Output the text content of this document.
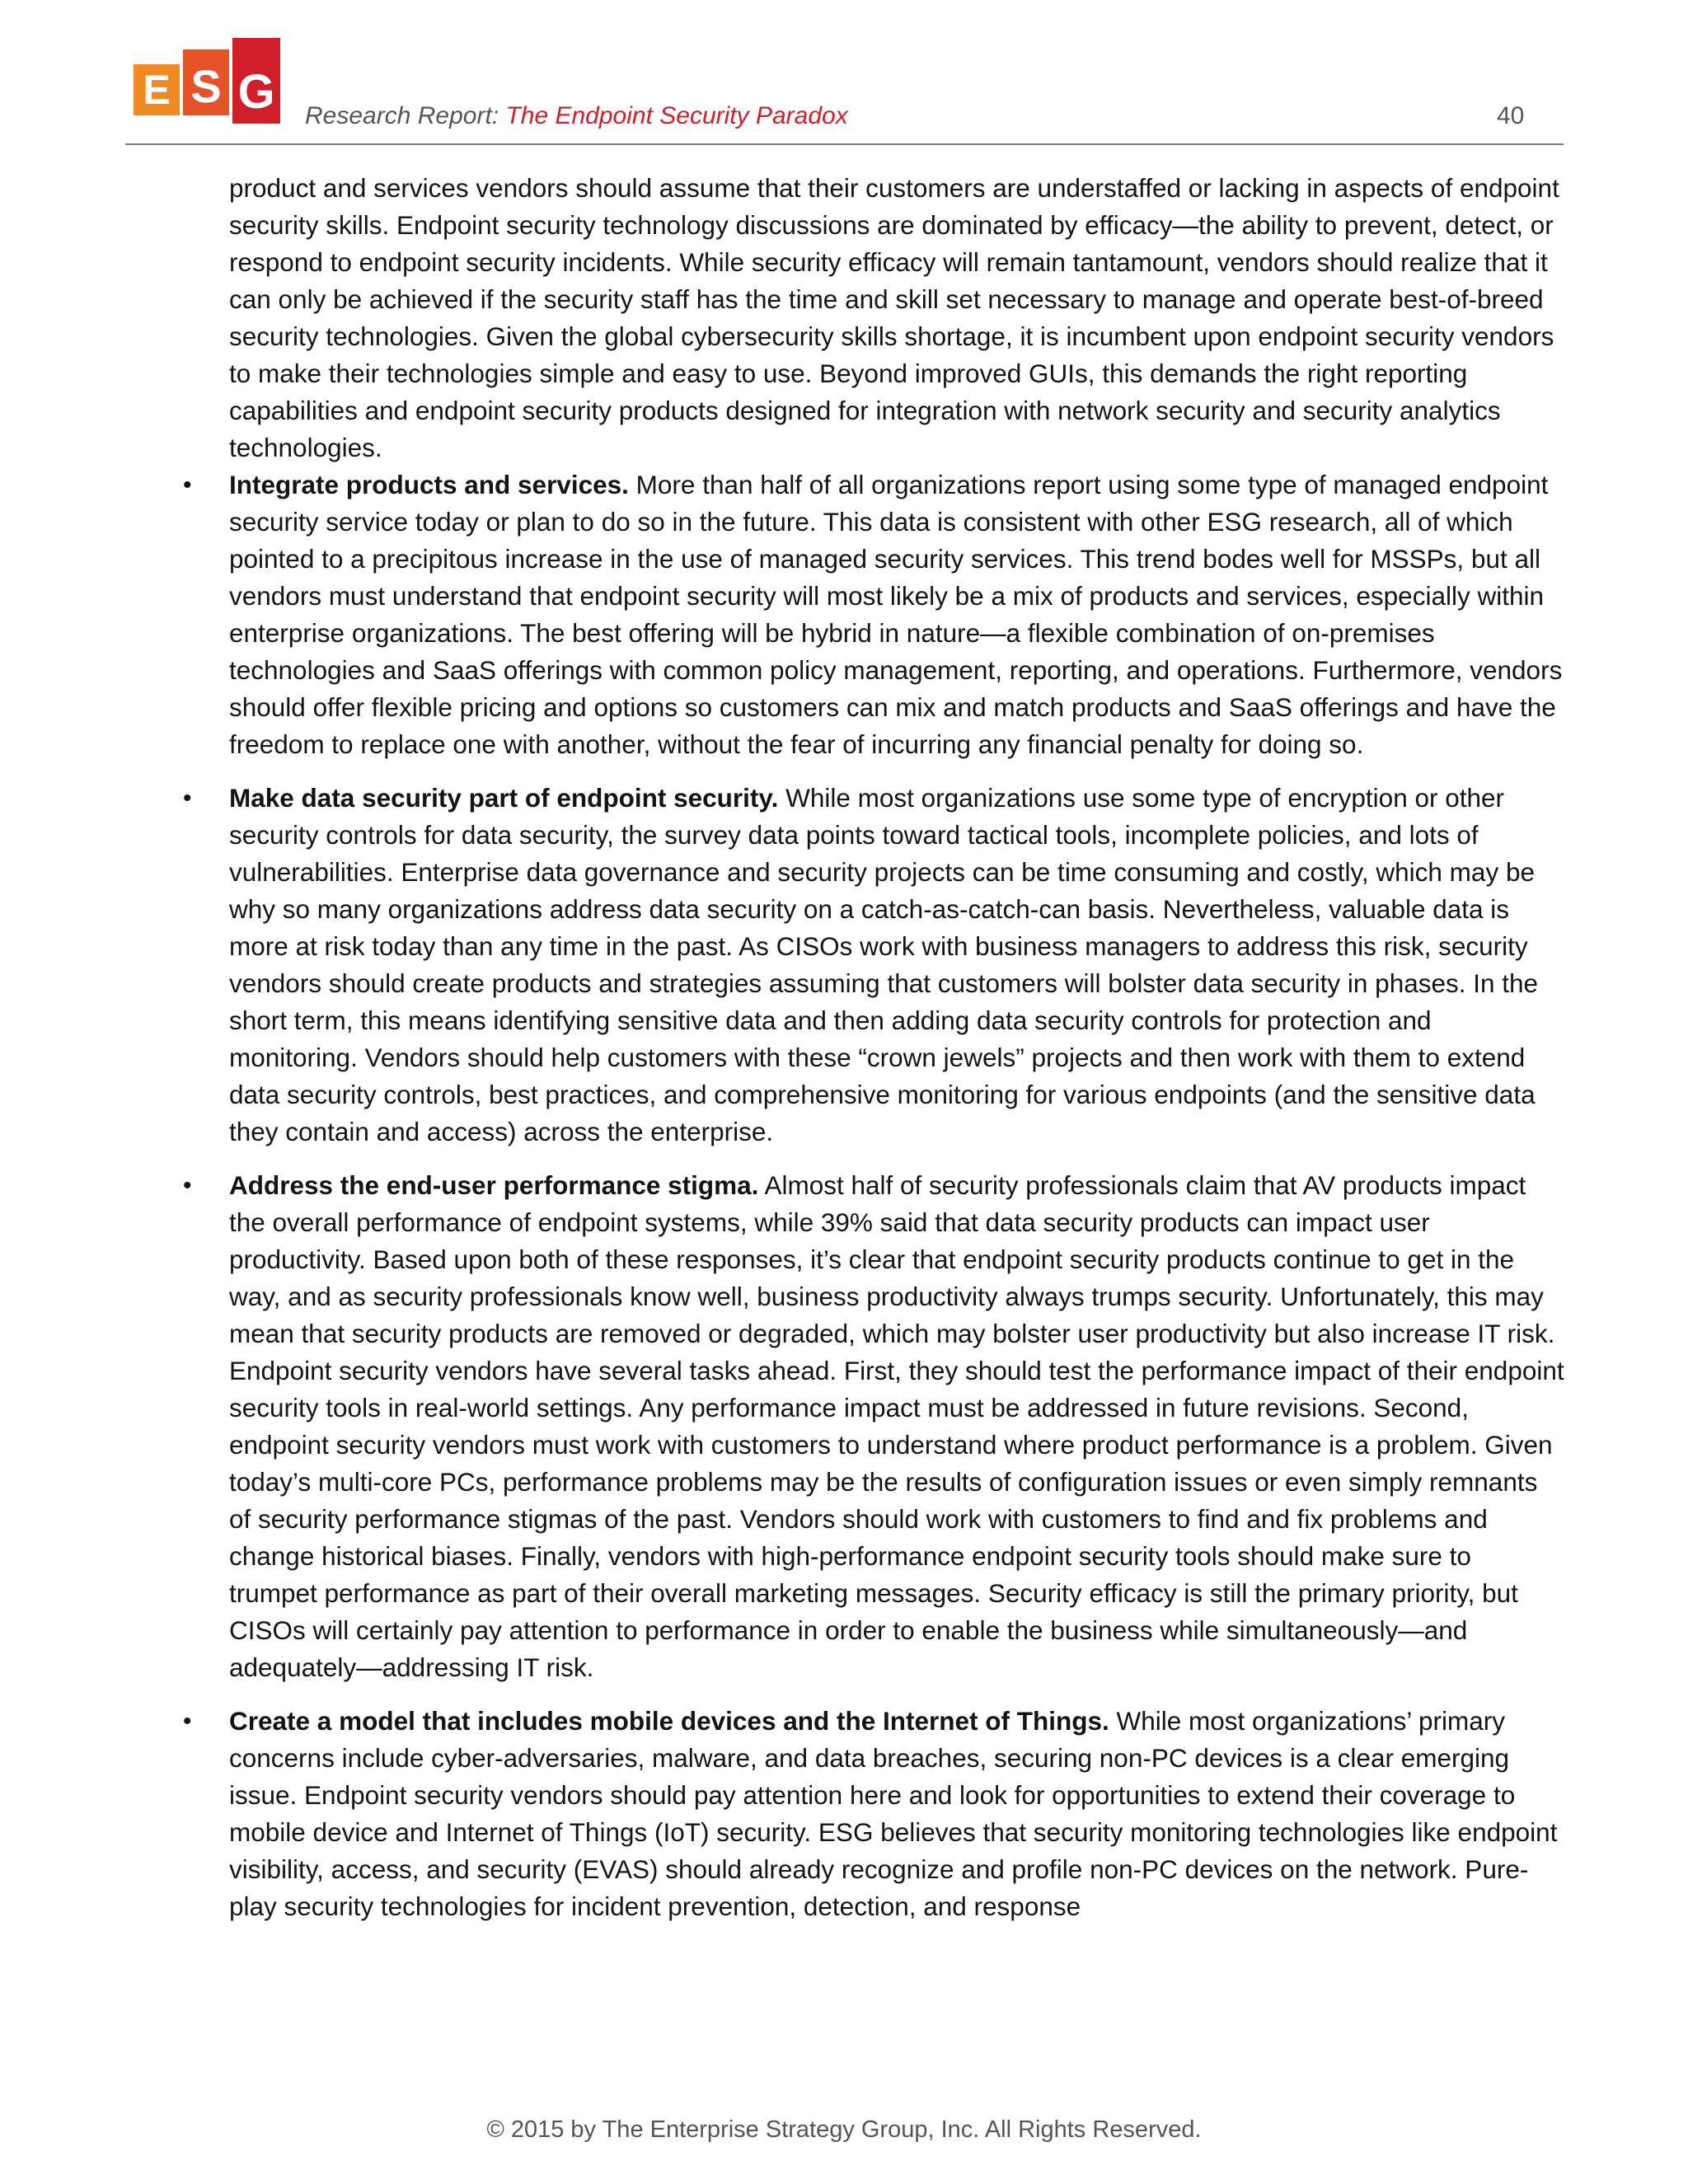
E S G Research Report: The Endpoint Security Paradox	40

product and services vendors should assume that their customers are understaffed or lacking in aspects of endpoint security skills. Endpoint security technology discussions are dominated by efficacy—the ability to prevent, detect, or respond to endpoint security incidents. While security efficacy will remain tantamount, vendors should realize that it can only be achieved if the security staff has the time and skill set necessary to manage and operate best-of-breed security technologies. Given the global cybersecurity skills shortage, it is incumbent upon endpoint security vendors to make their technologies simple and easy to use. Beyond improved GUIs, this demands the right reporting capabilities and endpoint security products designed for integration with network security and security analytics technologies.

• Integrate products and services. More than half of all organizations report using some type of managed endpoint security service today or plan to do so in the future. This data is consistent with other ESG research, all of which pointed to a precipitous increase in the use of managed security services. This trend bodes well for MSSPs, but all vendors must understand that endpoint security will most likely be a mix of products and services, especially within enterprise organizations. The best offering will be hybrid in nature—a flexible combination of on-premises technologies and SaaS offerings with common policy management, reporting, and operations. Furthermore, vendors should offer flexible pricing and options so customers can mix and match products and SaaS offerings and have the freedom to replace one with another, without the fear of incurring any financial penalty for doing so.
• Make data security part of endpoint security. While most organizations use some type of encryption or other security controls for data security, the survey data points toward tactical tools, incomplete policies, and lots of vulnerabilities. Enterprise data governance and security projects can be time consuming and costly, which may be why so many organizations address data security on a catch-as-catch-can basis. Nevertheless, valuable data is more at risk today than any time in the past. As CISOs work with business managers to address this risk, security vendors should create products and strategies assuming that customers will bolster data security in phases. In the short term, this means identifying sensitive data and then adding data security controls for protection and monitoring. Vendors should help customers with these “crown jewels” projects and then work with them to extend data security controls, best practices, and comprehensive monitoring for various endpoints (and the sensitive data they contain and access) across the enterprise.
• Address the end-user performance stigma. Almost half of security professionals claim that AV products impact the overall performance of endpoint systems, while 39% said that data security products can impact user productivity. Based upon both of these responses, it’s clear that endpoint security products continue to get in the way, and as security professionals know well, business productivity always trumps security. Unfortunately, this may mean that security products are removed or degraded, which may bolster user productivity but also increase IT risk. Endpoint security vendors have several tasks ahead. First, they should test the performance impact of their endpoint security tools in real-world settings. Any performance impact must be addressed in future revisions. Second, endpoint security vendors must work with customers to understand where product performance is a problem. Given today’s multi-core PCs, performance problems may be the results of configuration issues or even simply remnants of security performance stigmas of the past. Vendors should work with customers to find and fix problems and change historical biases. Finally, vendors with high-performance endpoint security tools should make sure to trumpet performance as part of their overall marketing messages. Security efficacy is still the primary priority, but CISOs will certainly pay attention to performance in order to enable the business while simultaneously—and adequately—addressing IT risk.
• Create a model that includes mobile devices and the Internet of Things. While most organizations’ primary concerns include cyber-adversaries, malware, and data breaches, securing non-PC devices is a clear emerging issue. Endpoint security vendors should pay attention here and look for opportunities to extend their coverage to mobile device and Internet of Things (IoT) security. ESG believes that security monitoring technologies like endpoint visibility, access, and security (EVAS) should already recognize and profile non-PC devices on the network. Pure-play security technologies for incident prevention, detection, and response
© 2015 by The Enterprise Strategy Group, Inc. All Rights Reserved.
